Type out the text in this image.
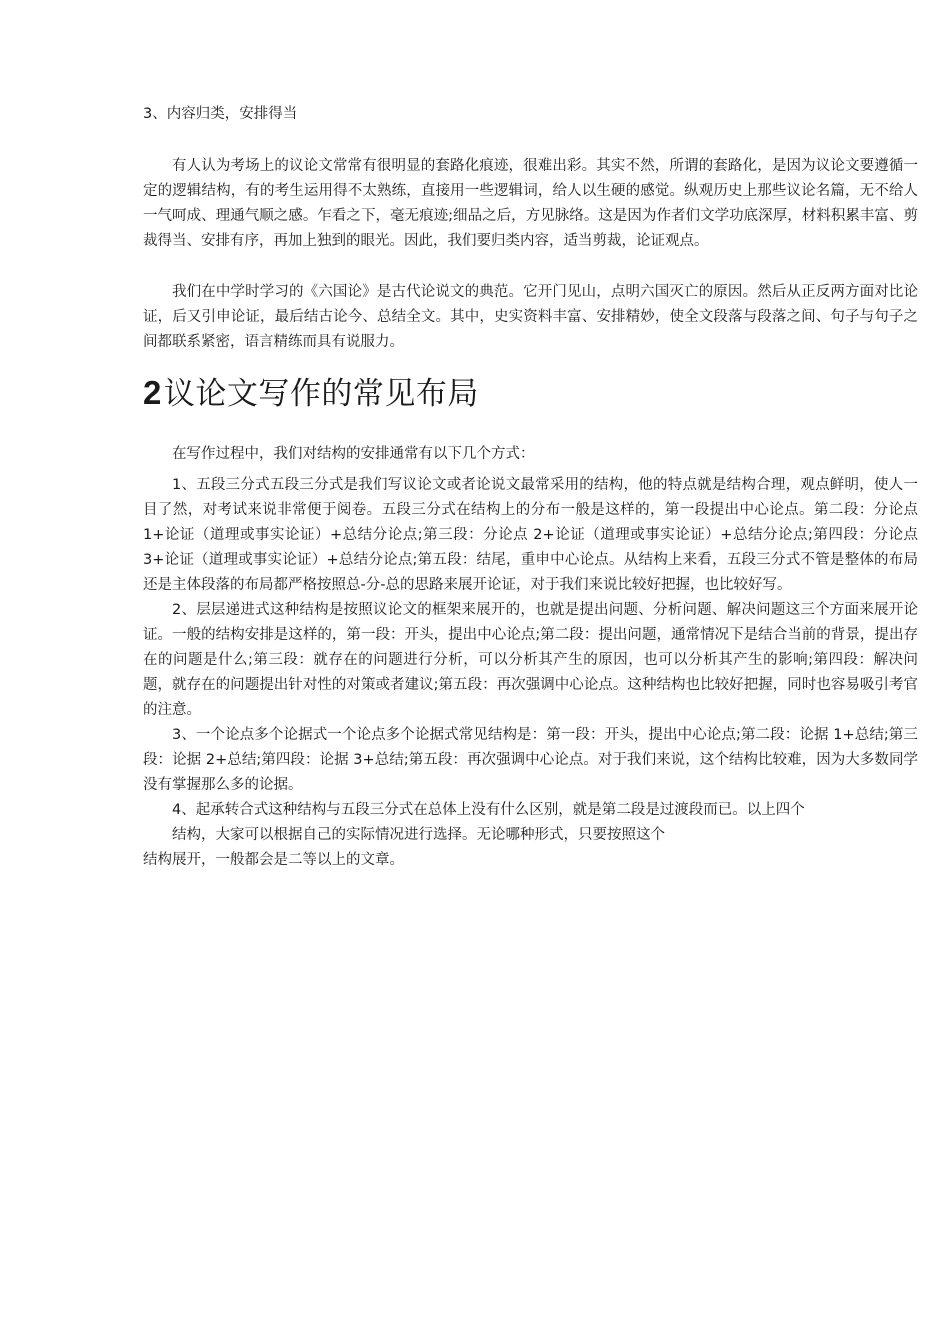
3、内容归类，安排得当

有人认为考场上的议论文常常有很明显的套路化痕迹，很难出彩。其实不然，所谓的套路化，是因为议论文要遵循一定的逻辑结构，有的考生运用得不太熟练，直接用一些逻辑词，给人以生硬的感觉。纵观历史上那些议论名篇，无不给人一气呵成、理通气顺之感。乍看之下，毫无痕迹;细品之后，方见脉络。这是因为作者们文学功底深厚，材料积累丰富、剪裁得当、安排有序，再加上独到的眼光。因此，我们要归类内容，适当剪裁，论证观点。

我们在中学时学习的《六国论》是古代论说文的典范。它开门见山，点明六国灭亡的原因。然后从正反两方面对比论证，后又引申论证，最后结古论今、总结全文。其中，史实资料丰富、安排精妙，使全文段落与段落之间、句子与句子之间都联系紧密，语言精练而具有说服力。

2议论文写作的常见布局

在写作过程中，我们对结构的安排通常有以下几个方式：

1、五段三分式五段三分式是我们写议论文或者论说文最常采用的结构，他的特点就是结构合理，观点鲜明，使人一目了然，对考试来说非常便于阅卷。五段三分式在结构上的分布一般是这样的，第一段提出中心论点。第二段：分论点 1+论证（道理或事实论证）+总结分论点;第三段：分论点 2+论证（道理或事实论证）+总结分论点;第四段：分论点 3+论证（道理或事实论证）+总结分论点;第五段：结尾，重申中心论点。从结构上来看，五段三分式不管是整体的布局还是主体段落的布局都严格按照总-分-总的思路来展开论证，对于我们来说比较好把握，也比较好写。

2、层层递进式这种结构是按照议论文的框架来展开的，也就是提出问题、分析问题、解决问题这三个方面来展开论证。一般的结构安排是这样的，第一段：开头，提出中心论点;第二段：提出问题，通常情况下是结合当前的背景，提出存在的问题是什么;第三段：就存在的问题进行分析，可以分析其产生的原因，也可以分析其产生的影响;第四段：解决问题，就存在的问题提出针对性的对策或者建议;第五段：再次强调中心论点。这种结构也比较好把握，同时也容易吸引考官的注意。

3、一个论点多个论据式一个论点多个论据式常见结构是：第一段：开头，提出中心论点;第二段：论据 1+总结;第三段：论据 2+总结;第四段：论据 3+总结;第五段：再次强调中心论点。对于我们来说，这个结构比较难，因为大多数同学没有掌握那么多的论据。

4、起承转合式这种结构与五段三分式在总体上没有什么区别，就是第二段是过渡段而已。以上四个

结构，大家可以根据自己的实际情况进行选择。无论哪种形式，只要按照这个

结构展开，一般都会是二等以上的文章。
